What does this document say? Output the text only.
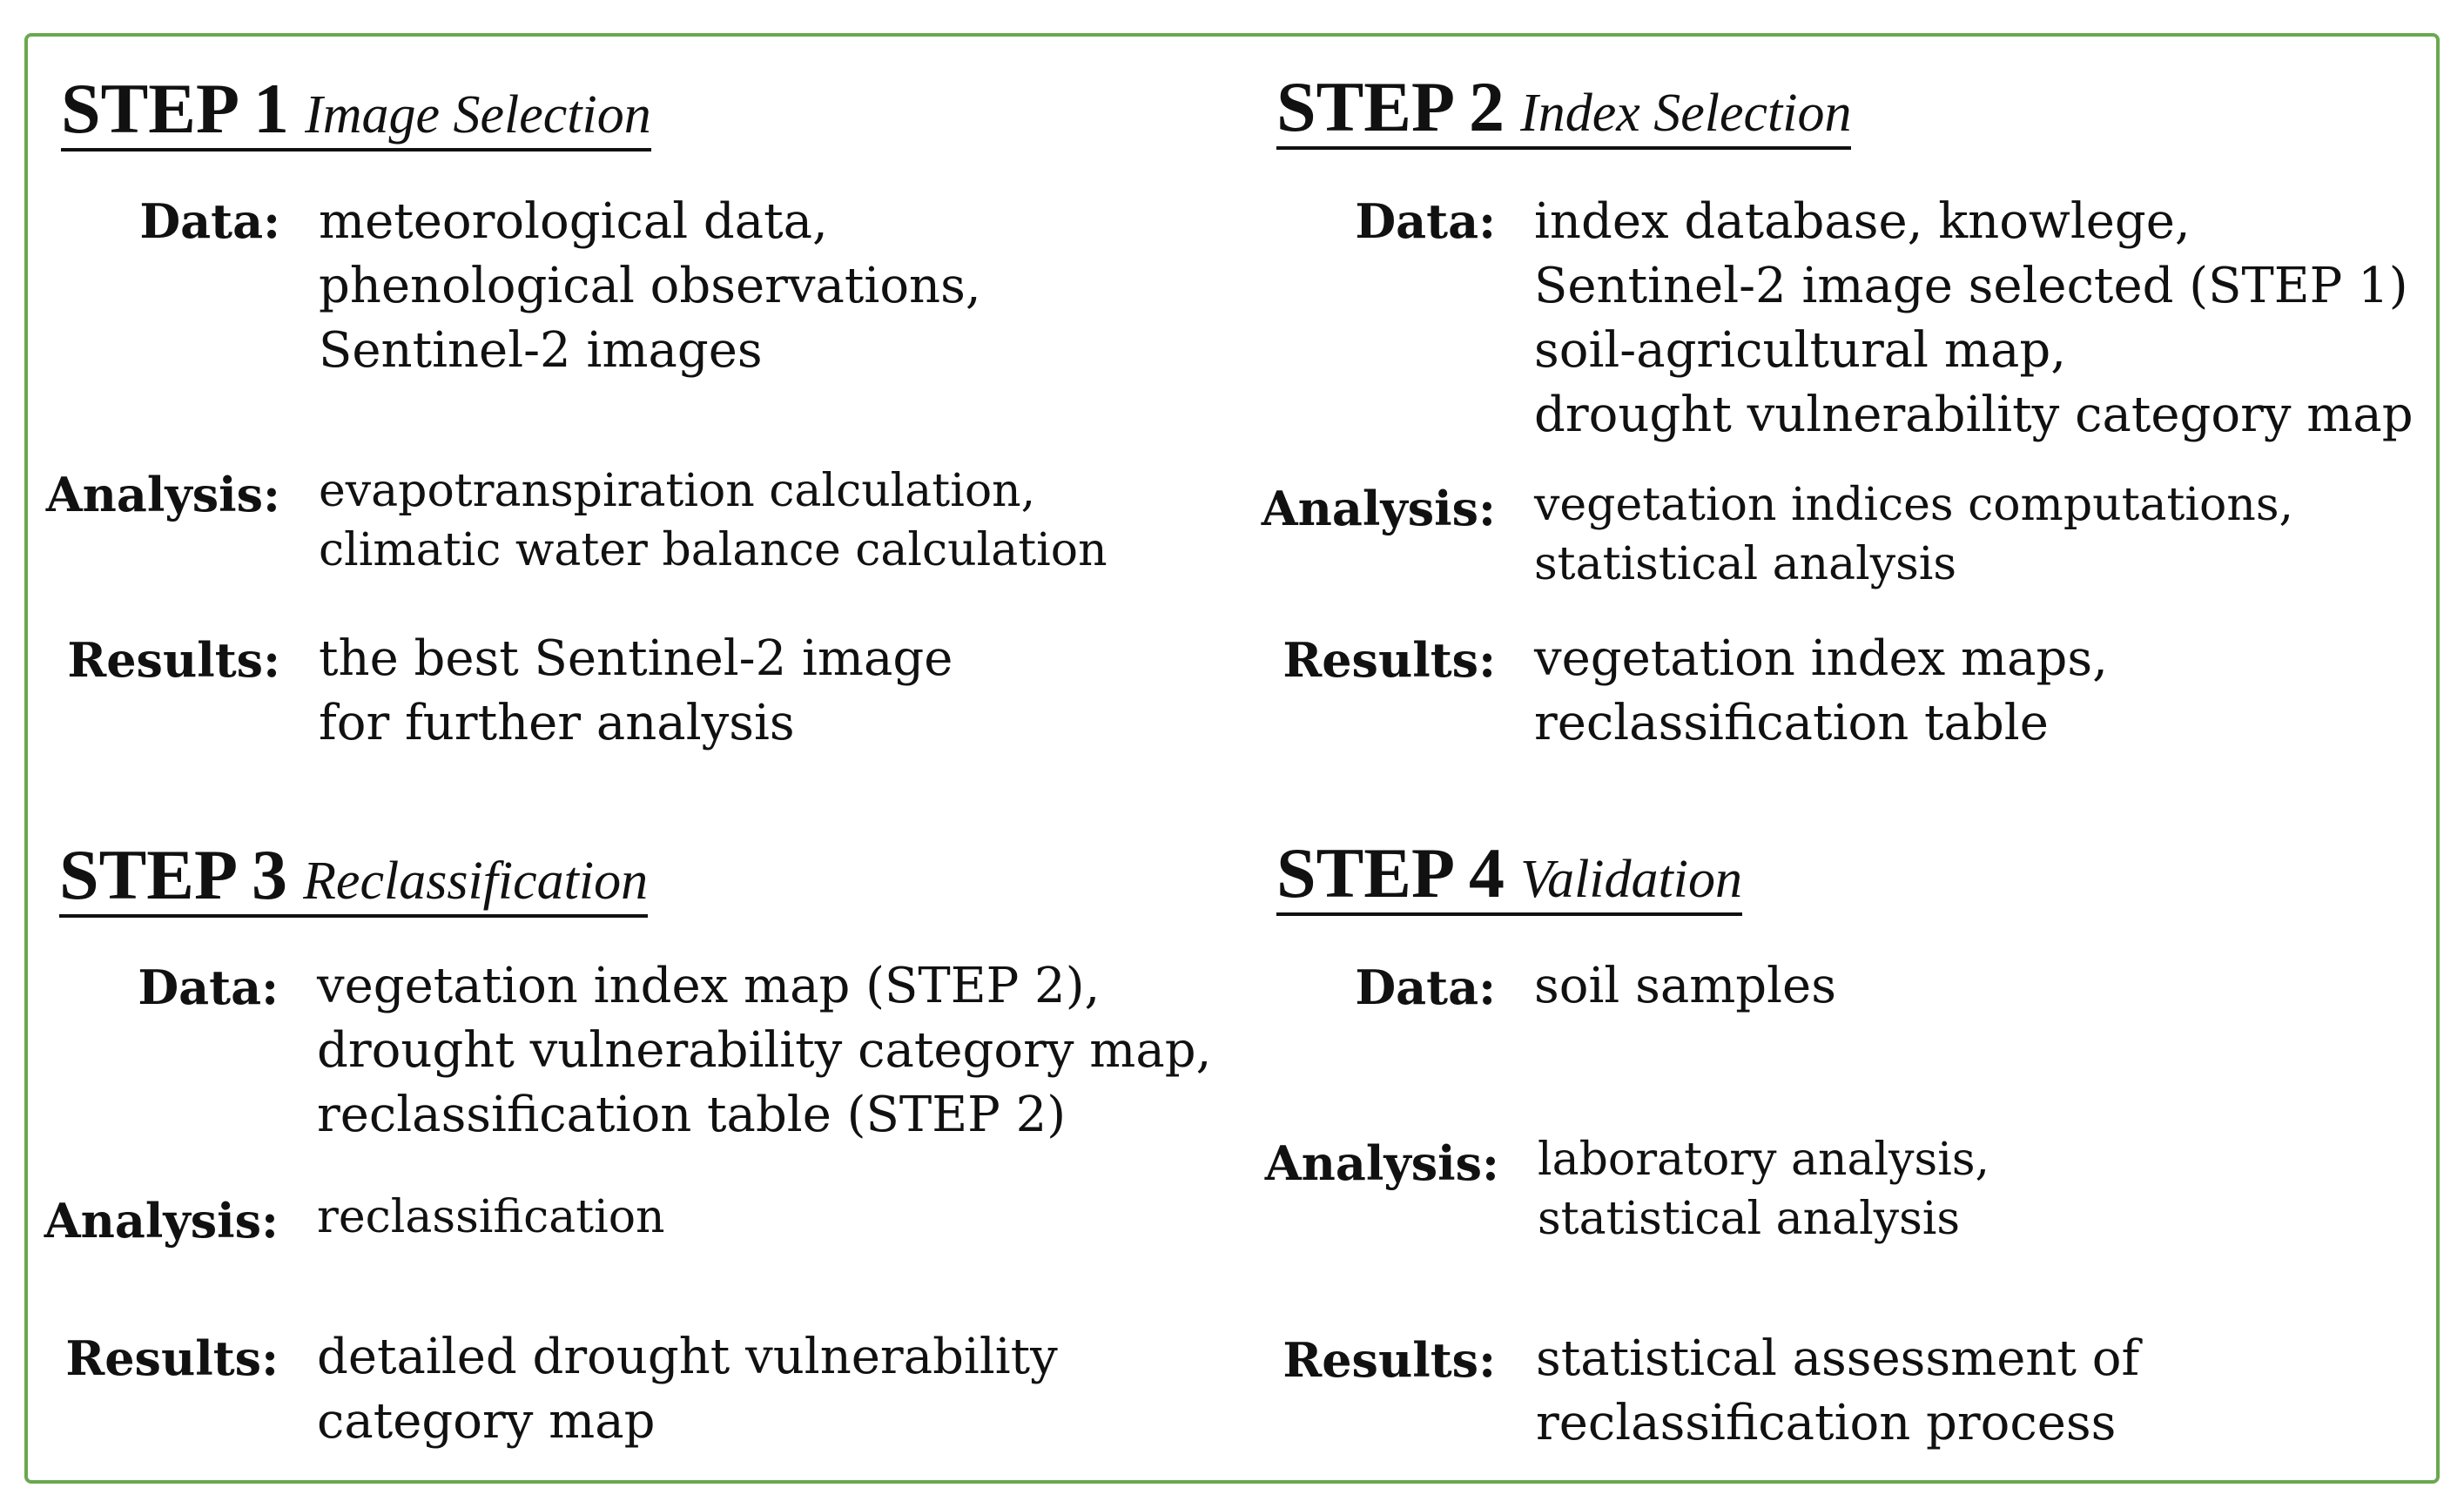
STEP 1 Image Selection
Data: meteorological data,
phenological observations,
Sentinel-2 images
Analysis: evapotranspiration calculation,
climatic water balance calculation
Results: the best Sentinel-2 image
for further analysis
STEP 2 Index Selection
Data: index database, knowlege,
Sentinel-2 image selected (STEP 1)
soil-agricultural map,
drought vulnerability category map
Analysis: vegetation indices computations,
statistical analysis
Results: vegetation index maps,
reclassification table
STEP 3 Reclassification
Data: vegetation index map (STEP 2),
drought vulnerability category map,
reclassification table (STEP 2)
Analysis: reclassification
Results: detailed drought vulnerability
category map
STEP 4 Validation
Data: soil samples
Analysis: laboratory analysis,
statistical analysis
Results: statistical assessment of
reclassification process
